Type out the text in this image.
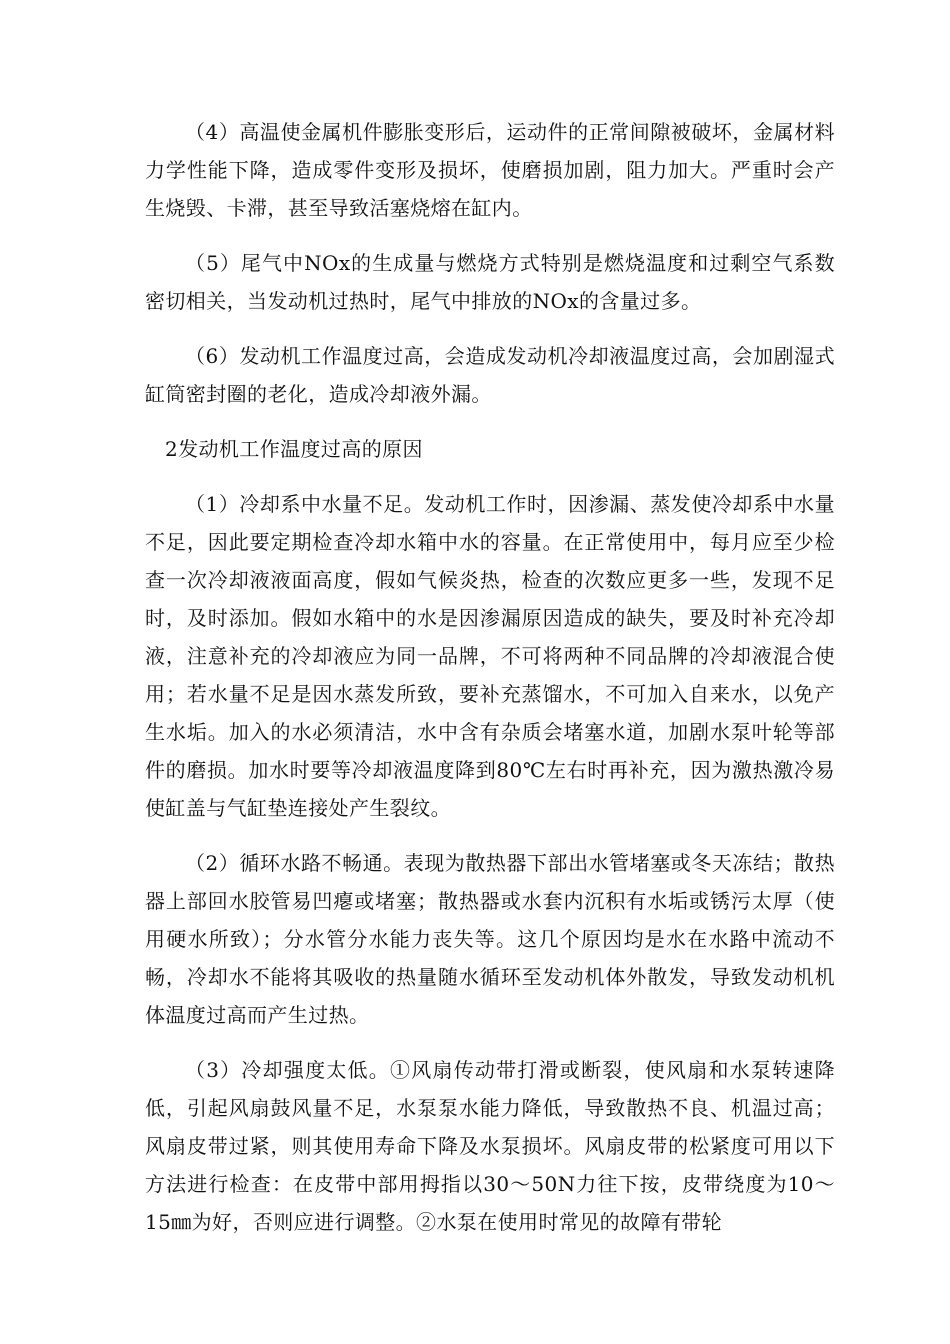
（4）高温使金属机件膨胀变形后，运动件的正常间隙被破坏，金属材料力学性能下降，造成零件变形及损坏，使磨损加剧，阻力加大。严重时会产生烧毁、卡滞，甚至导致活塞烧熔在缸内。

（5）尾气中NOx的生成量与燃烧方式特别是燃烧温度和过剩空气系数密切相关，当发动机过热时，尾气中排放的NOx的含量过多。

（6）发动机工作温度过高，会造成发动机冷却液温度过高，会加剧湿式缸筒密封圈的老化，造成冷却液外漏。

2发动机工作温度过高的原因

（1）冷却系中水量不足。发动机工作时，因渗漏、蒸发使冷却系中水量不足，因此要定期检查冷却水箱中水的容量。在正常使用中，每月应至少检查一次冷却液液面高度，假如气候炎热，检查的次数应更多一些，发现不足时，及时添加。假如水箱中的水是因渗漏原因造成的缺失，要及时补充冷却液，注意补充的冷却液应为同一品牌，不可将两种不同品牌的冷却液混合使用；若水量不足是因水蒸发所致，要补充蒸馏水，不可加入自来水，以免产生水垢。加入的水必须清洁，水中含有杂质会堵塞水道，加剧水泵叶轮等部件的磨损。加水时要等冷却液温度降到80℃左右时再补充，因为激热激冷易使缸盖与气缸垫连接处产生裂纹。

（2）循环水路不畅通。表现为散热器下部出水管堵塞或冬天冻结；散热器上部回水胶管易凹瘪或堵塞；散热器或水套内沉积有水垢或锈污太厚（使用硬水所致）；分水管分水能力丧失等。这几个原因均是水在水路中流动不畅，冷却水不能将其吸收的热量随水循环至发动机体外散发，导致发动机机体温度过高而产生过热。

（3）冷却强度太低。①风扇传动带打滑或断裂，使风扇和水泵转速降低，引起风扇鼓风量不足，水泵泵水能力降低，导致散热不良、机温过高；风扇皮带过紧，则其使用寿命下降及水泵损坏。风扇皮带的松紧度可用以下方法进行检查：在皮带中部用拇指以30～50N力往下按，皮带绕度为10～15㎜为好，否则应进行调整。②水泵在使用时常见的故障有带轮
